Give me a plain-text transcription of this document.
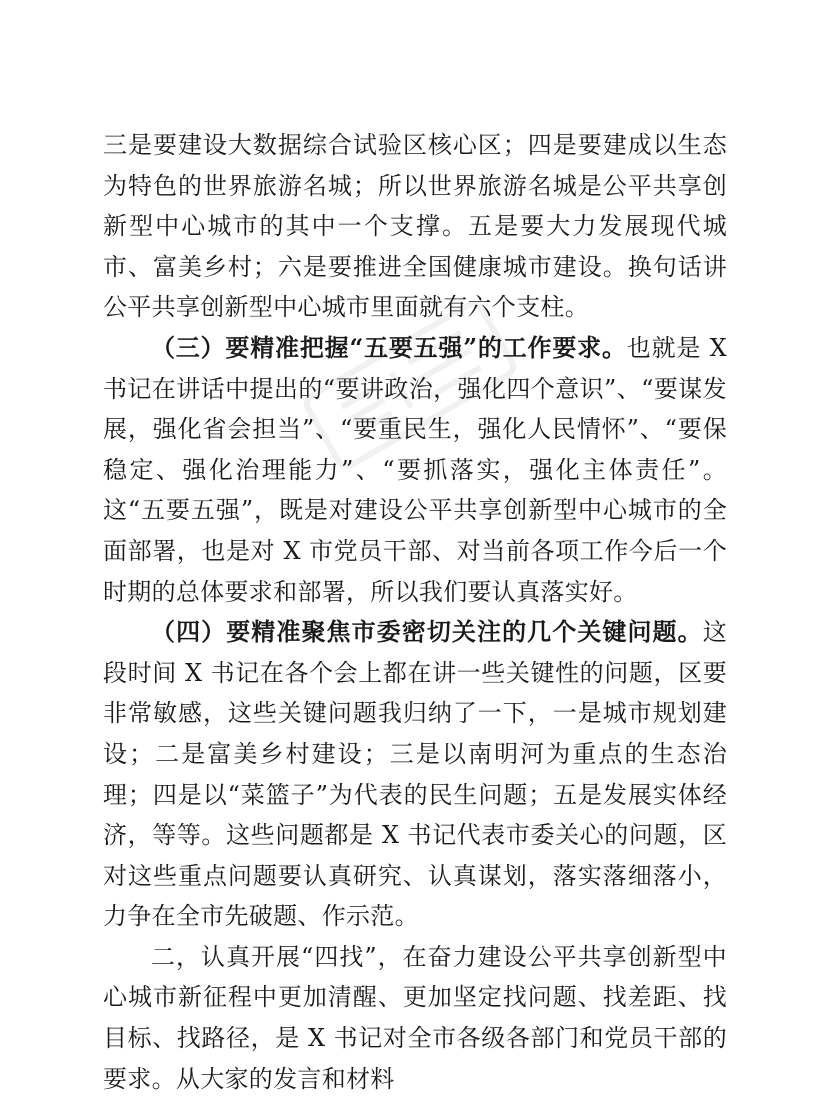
三是要建设大数据综合试验区核心区；四是要建成以生态为特色的世界旅游名城；所以世界旅游名城是公平共享创新型中心城市的其中一个支撑。五是要大力发展现代城市、富美乡村；六是要推进全国健康城市建设。换句话讲公平共享创新型中心城市里面就有六个支柱。

（三）要精准把握“五要五强”的工作要求。也就是 X 书记在讲话中提出的“要讲政治，强化四个意识”、“要谋发展，强化省会担当”、“要重民生，强化人民情怀”、“要保稳定、强化治理能力”、“要抓落实，强化主体责任”。这“五要五强”，既是对建设公平共享创新型中心城市的全面部署，也是对 X 市党员干部、对当前各项工作今后一个时期的总体要求和部署，所以我们要认真落实好。

（四）要精准聚焦市委密切关注的几个关键问题。这段时间 X 书记在各个会上都在讲一些关键性的问题，区要非常敏感，这些关键问题我归纳了一下，一是城市规划建设；二是富美乡村建设；三是以南明河为重点的生态治理；四是以“菜篮子”为代表的民生问题；五是发展实体经济，等等。这些问题都是 X 书记代表市委关心的问题，区对这些重点问题要认真研究、认真谋划，落实落细落小，力争在全市先破题、作示范。

二，认真开展“四找”，在奋力建设公平共享创新型中心城市新征程中更加清醒、更加坚定找问题、找差距、找目标、找路径，是 X 书记对全市各级各部门和党员干部的要求。从大家的发言和材料
